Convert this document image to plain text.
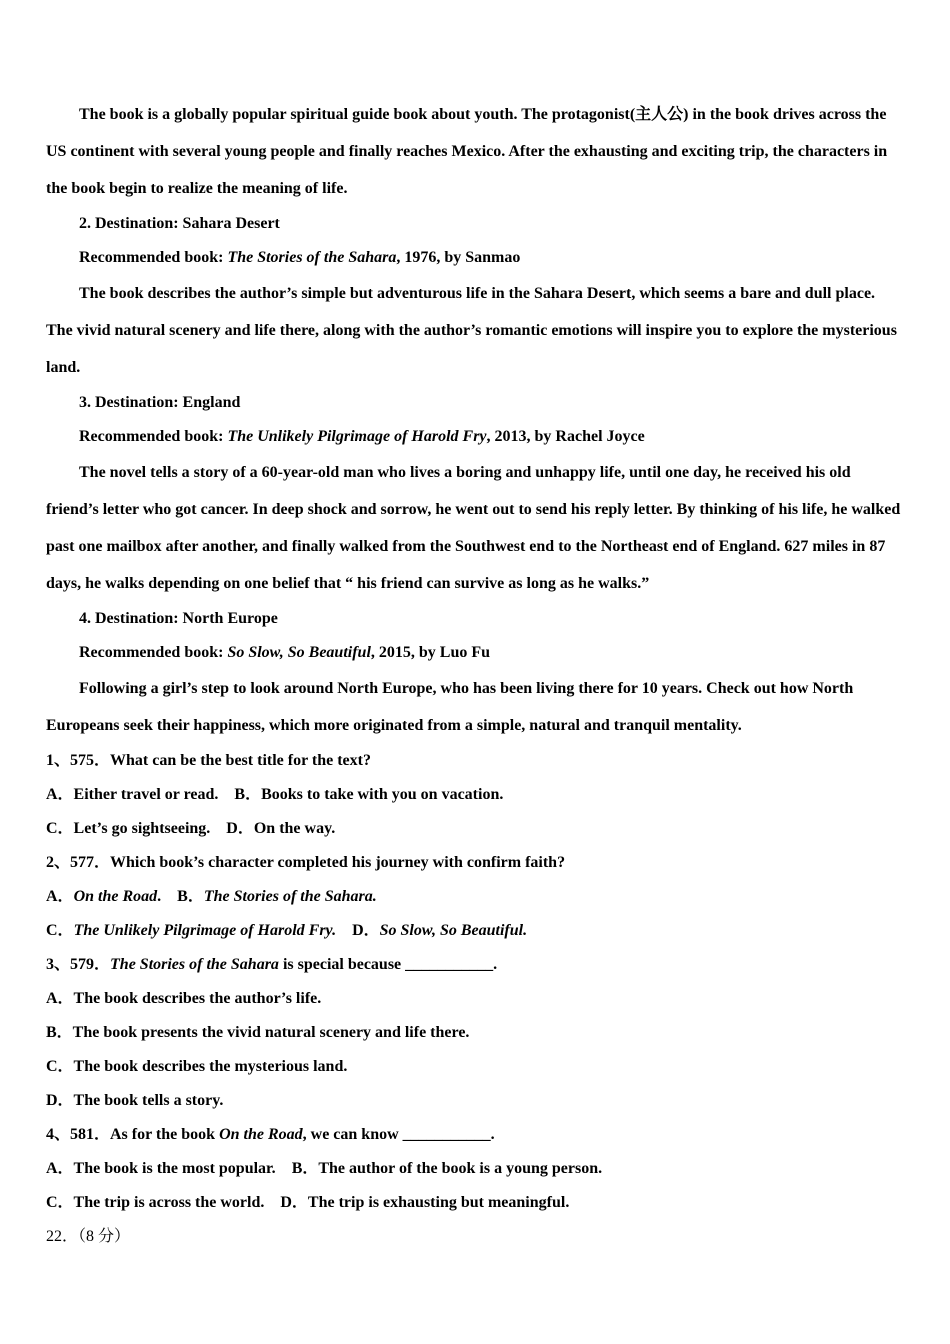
The book is a globally popular spiritual guide book about youth. The protagonist(主人公) in the book drives across the US continent with several young people and finally reaches Mexico. After the exhausting and exciting trip, the characters in the book begin to realize the meaning of life.

2. Destination: Sahara Desert

Recommended book: The Stories of the Sahara, 1976, by Sanmao

The book describes the author’s simple but adventurous life in the Sahara Desert, which seems a bare and dull place. The vivid natural scenery and life there, along with the author’s romantic emotions will inspire you to explore the mysterious land.

3. Destination: England

Recommended book: The Unlikely Pilgrimage of Harold Fry, 2013, by Rachel Joyce

The novel tells a story of a 60-year-old man who lives a boring and unhappy life, until one day, he received his old friend’s letter who got cancer. In deep shock and sorrow, he went out to send his reply letter. By thinking of his life, he walked past one mailbox after another, and finally walked from the Southwest end to the Northeast end of England. 627 miles in 87 days, he walks depending on one belief that “ his friend can survive as long as he walks.”

4. Destination: North Europe

Recommended book: So Slow, So Beautiful, 2015, by Luo Fu

Following a girl’s step to look around North Europe, who has been living there for 10 years. Check out how North Europeans seek their happiness, which more originated from a simple, natural and tranquil mentality.

1、575．What can be the best title for the text?

A．Either travel or read. B．Books to take with you on vacation.

C．Let’s go sightseeing. D．On the way.

2、577．Which book’s character completed his journey with confirm faith?

A．On the Road. B．The Stories of the Sahara.

C．The Unlikely Pilgrimage of Harold Fry. D．So Slow, So Beautiful.

3、579．The Stories of the Sahara is special because ___________.

A．The book describes the author’s life.

B．The book presents the vivid natural scenery and life there.

C．The book describes the mysterious land.

D．The book tells a story.

4、581．As for the book On the Road, we can know ___________.

A．The book is the most popular. B．The author of the book is a young person.

C．The trip is across the world. D．The trip is exhausting but meaningful.

22．（8 分）
